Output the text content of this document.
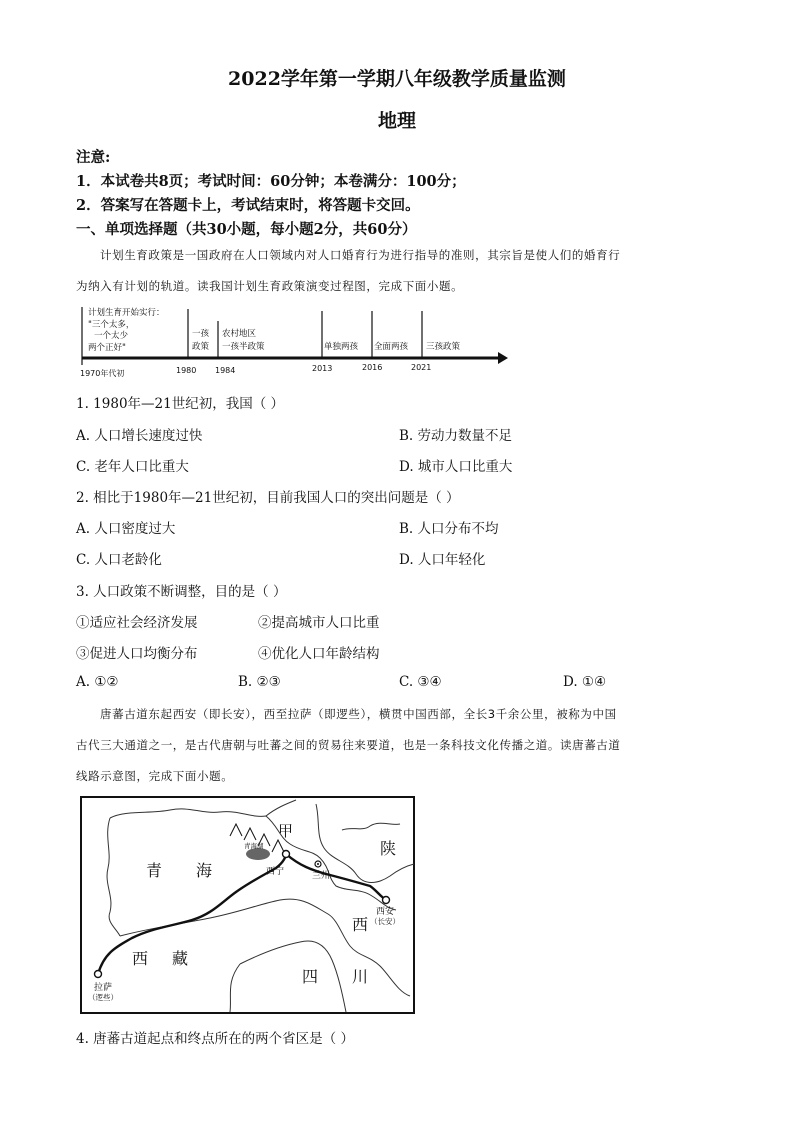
2022学年第一学期八年级教学质量监测
地理
注意:
1．本试卷共8页；考试时间：60分钟；本卷满分：100分；
2．答案写在答题卡上，考试结束时，将答题卡交回。
一、单项选择题（共30小题，每小题2分，共60分）
计划生育政策是一国政府在人口领域内对人口婚育行为进行指导的准则，其宗旨是使人们的婚育行
为纳入有计划的轨道。读我国计划生育政策演变过程图，完成下面小题。
计划生育开始实行：
"三个太多，
一个太少
两个正好"
一孩
政策
农村地区
一孩半政策	单独两孩 全面两孩 三孩政策
1980 1984	2013	2016	2021
1970年代初
1. 1980年—21世纪初，我国（ ）
A. 人口增长速度过快	B. 劳动力数量不足
C. 老年人口比重大	D. 城市人口比重大
2. 相比于1980年—21世纪初，目前我国人口的突出问题是（ ）
A. 人口密度过大	B. 人口分布不均
C. 人口老龄化	D. 人口年轻化
3. 人口政策不断调整，目的是（ ）
①适应社会经济发展	②提高城市人口比重
③促进人口均衡分布	④优化人口年龄结构
A. ①②	B. ②③	C. ③④	D. ①④
唐蕃古道东起西安（即长安），西至拉萨（即逻些），横贯中国西部，全长3千余公里，被称为中国
古代三大通道之一，是古代唐朝与吐蕃之间的贸易往来要道，也是一条科技文化传播之道。读唐蕃古道
线路示意图，完成下面小题。
甲
青海湖	陕
青 海	西宁	兰州
西安
（长安）
西
西 藏
四 川
拉萨
（逻些）
4. 唐蕃古道起点和终点所在的两个省区是（ ）
